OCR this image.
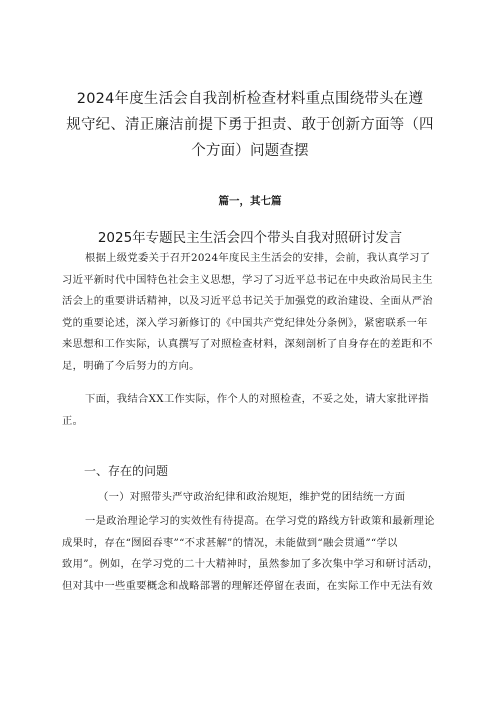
2024年度生活会自我剖析检查材料重点围绕带头在遵
规守纪、清正廉洁前提下勇于担责、敢于创新方面等（四
个方面）问题查摆
篇一，其七篇
2025年专题民主生活会四个带头自我对照研讨发言
根据上级党委关于召开2024年度民主生活会的安排，会前，我认真学习了
习近平新时代中国特色社会主义思想，学习了习近平总书记在中央政治局民主生
活会上的重要讲话精神，以及习近平总书记关于加强党的政治建设、全面从严治
党的重要论述，深入学习新修订的《中国共产党纪律处分条例》，紧密联系一年
来思想和工作实际，认真撰写了对照检查材料，深刻剖析了自身存在的差距和不
足，明确了今后努力的方向。
下面，我结合XX工作实际，作个人的对照检查，不妥之处，请大家批评指
正。
一、存在的问题
（一）对照带头严守政治纪律和政治规矩，维护党的团结统一方面
一是政治理论学习的实效性有待提高。在学习党的路线方针政策和最新理论
成果时，存在“囫囵吞枣”“不求甚解”的情况，未能做到“融会贯通”“学以
致用”。例如，在学习党的二十大精神时，虽然参加了多次集中学习和研讨活动，
但对其中一些重要概念和战略部署的理解还停留在表面，在实际工作中无法有效
